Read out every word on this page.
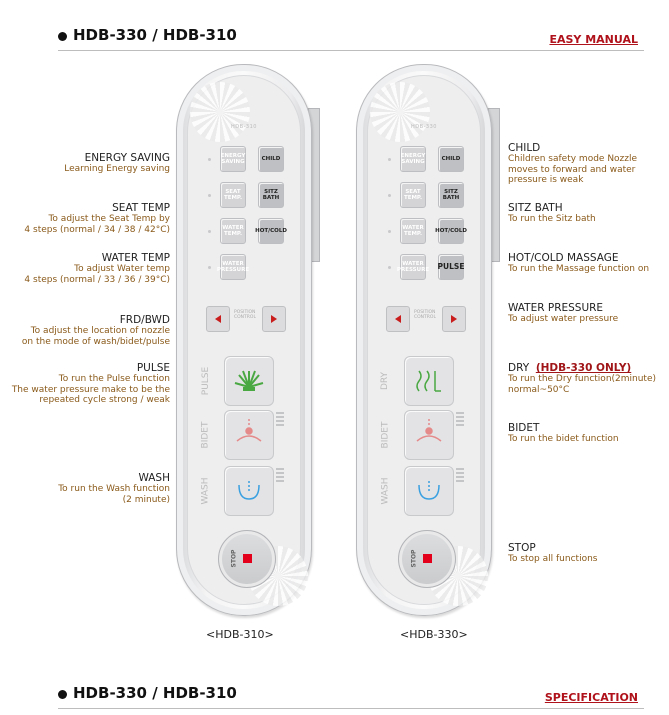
HDB-330 / HDB-310	EASY MANUAL
ENERGY SAVING
Learning Energy saving
SEAT TEMP
To adjust the Seat Temp by
4 steps (normal / 34 / 38 / 42°C)
WATER TEMP
To adjust Water temp
4 steps (normal / 33 / 36 / 39°C)
FRD/BWD
To adjust the location of nozzle
on the mode of wash/bidet/pulse
PULSE
To run the Pulse function
The water pressure make to be the
repeated cycle strong / weak
WASH
To run the Wash function
(2 minute)
CHILD
Children safety mode Nozzle
moves to forward and water
pressure is weak
SITZ BATH
To run the Sitz bath
HOT/COLD MASSAGE
To run the Massage function on
WATER PRESSURE
To adjust water pressure
DRY (HDB-330 ONLY)
To run the Dry function(2minute)
normal~50°C
BIDET
To run the bidet function
STOP
To stop all functions
HDB-310
ENERGY SAVING	CHILD
SEAT TEMP.
SITZ BATH
WATER TEMP.	HOT/COLD
WATER PRESSURE
POSITION CONTROL
PULSE
BIDET
WASH
STOP
<HDB-310>
HDB-330
ENERGY SAVING	CHILD
SEAT TEMP.
SITZ BATH
WATER TEMP.	HOT/COLD
WATER PRESSURE PULSE
POSITION CONTROL
DRY
BIDET
WASH
STOP
<HDB-330>
HDB-330 / HDB-310	SPECIFICATION
